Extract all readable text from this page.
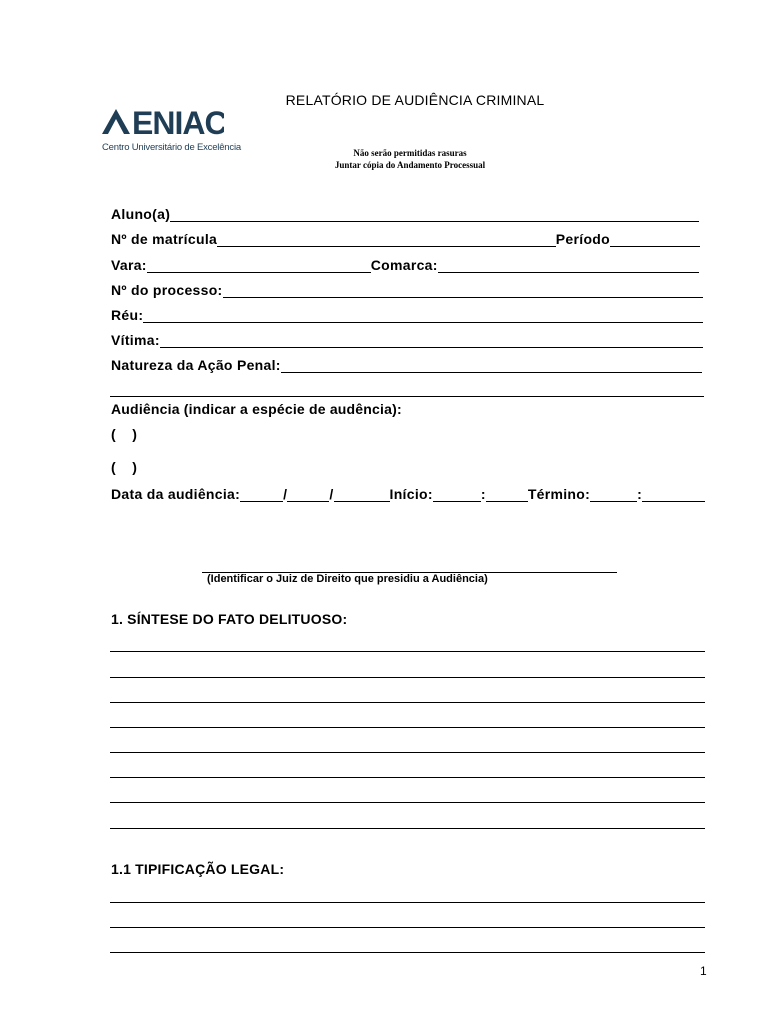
ENIAC
Centro Universitário de Excelência
RELATÓRIO DE AUDIÊNCIA CRIMINAL
Não serão permitidas rasuras
Juntar cópia do Andamento Processual
Aluno(a)
Nº de matrícula	Período
Vara:	Comarca:
Nº do processo:
Réu:
Vítima:
Natureza da Ação Penal:
Audiência (indicar a espécie de audência):
(    )
(    )
Data da audiência:	/	/	Início:	:	Término:	:
(Identificar o Juiz de Direito que presidiu a Audiência)
1. SÍNTESE DO FATO DELITUOSO:
1.1 TIPIFICAÇÃO LEGAL:
1
